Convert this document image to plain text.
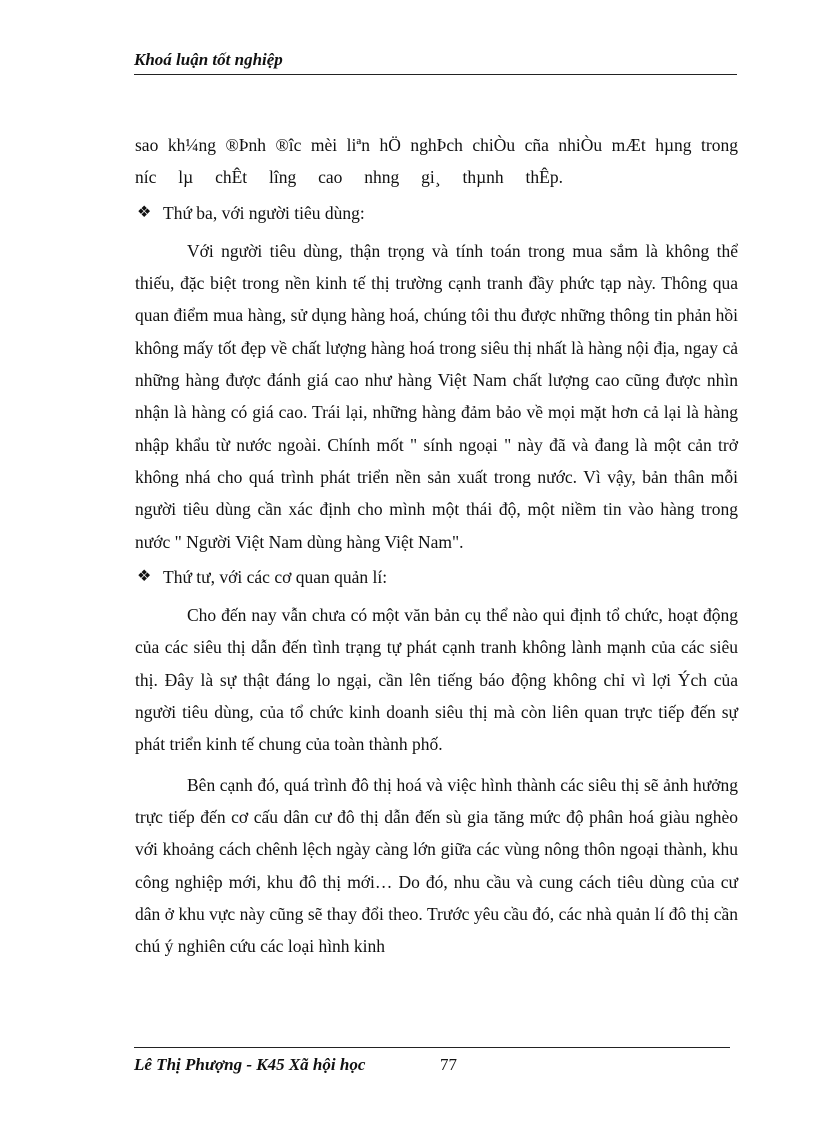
Khoá luận tốt nghiệp

sao kh¼ng ®Þnh ®îc mèi liªn hÖ nghÞch chiÒu cña nhiÒu mÆt hµng trong

níc     lµ     chÊt     lîng     cao     nhng     gi¸     thµnh     thÊp.

❖ Thứ ba, với người tiêu dùng:

Với người tiêu dùng, thận trọng và tính toán trong mua sắm là không thể thiếu, đặc biệt trong nền kinh tế thị trường cạnh tranh đầy phức tạp này. Thông qua quan điểm mua hàng, sử dụng hàng hoá, chúng tôi thu được những thông tin phản hồi không mấy tốt đẹp về chất lượng hàng hoá trong siêu thị nhất là hàng nội địa, ngay cả những hàng được đánh giá cao như hàng Việt Nam chất lượng cao cũng được nhìn nhận là hàng có giá cao. Trái lại, những hàng đảm bảo về mọi mặt hơn cả lại là hàng nhập khẩu từ nước ngoài. Chính mốt " sính ngoại " này đã và đang là một cản trở không nhá cho quá trình phát triển nền sản xuất trong nước. Vì vậy, bản thân mỗi người tiêu dùng cần xác định cho mình một thái độ, một niềm tin vào hàng trong nước " Người Việt Nam dùng hàng Việt Nam".

❖ Thứ tư, với các cơ quan quản lí:

Cho đến nay vẫn chưa có một văn bản cụ thể nào qui định tổ chức, hoạt động của các siêu thị dẫn đến tình trạng tự phát cạnh tranh không lành mạnh của các siêu thị. Đây là sự thật đáng lo ngại, cần lên tiếng báo động không chỉ vì lợi Ých của người tiêu dùng, của tổ chức kinh doanh siêu thị mà còn liên quan trực tiếp đến sự phát triển kinh tế chung của toàn thành phố.

Bên cạnh đó, quá trình đô thị hoá và việc hình thành các siêu thị sẽ ảnh hưởng trực tiếp đến cơ cấu dân cư đô thị dẫn đến sù gia tăng mức độ phân hoá giàu nghèo với khoảng cách chênh lệch ngày càng lớn giữa các vùng nông thôn ngoại thành, khu công nghiệp mới, khu đô thị mới… Do đó, nhu cầu và cung cách tiêu dùng của cư dân ở khu vực này cũng sẽ thay đổi theo. Trước yêu cầu đó, các nhà quản lí đô thị cần chú ý nghiên cứu các loại hình kinh

Lê Thị Phượng - K45 Xã hội học	77
